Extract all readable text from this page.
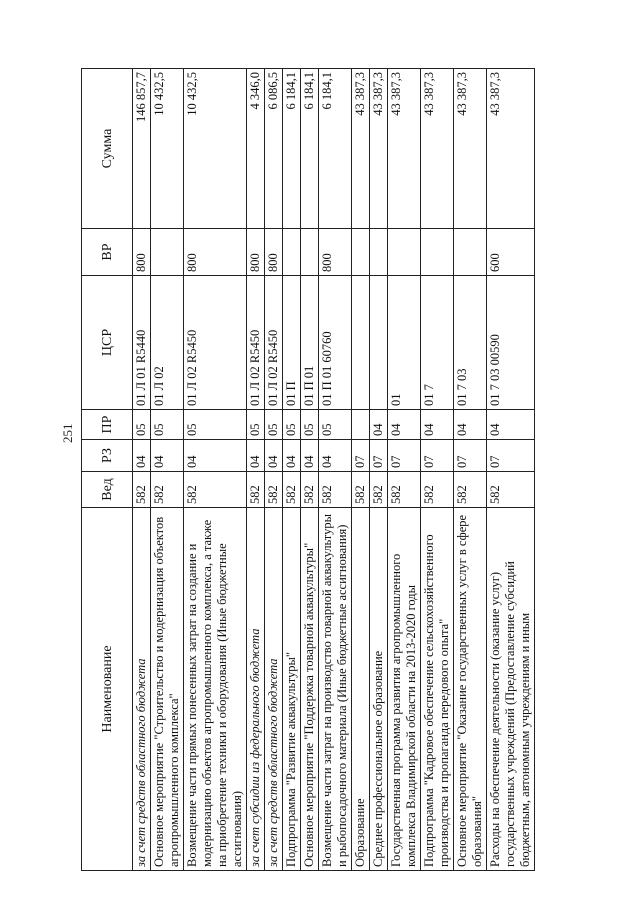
251
Наименование	Вед	РЗ	ПР	ЦСР	ВР	Сумма
за счет средств областного бюджета	582	04	05	01 Л 01 R5440	800	146 857,7
Основное мероприятие "Строительство и модернизация объектов агропромышленного комплекса"	582	04	05	01 Л 02		10 432,5
Возмещение части прямых понесенных затрат на создание и модернизацию объектов агропромышленного комплекса, а также на приобретение техники и оборудования (Иные бюджетные ассигнования)	582	04	05	01 Л 02 R5450	800	10 432,5
за счет субсидии из федерального бюджета	582	04	05	01 Л 02 R5450	800	4 346,0
за счет средств областного бюджета	582	04	05	01 Л 02 R5450	800	6 086,5
Подпрограмма "Развитие аквакультуры"	582	04	05	01 П		6 184,1
Основное мероприятие "Поддержка товарной аквакультуры"	582	04	05	01 П 01		6 184,1
Возмещение части затрат на производство товарной аквакультуры и рыбопосадочного материала (Иные бюджетные ассигнования)	582	04	05	01 П 01 60760	800	6 184,1
Образование	582	07				43 387,3
Среднее профессиональное образование	582	07	04			43 387,3
Государственная программа развития агропромышленного комплекса Владимирской области на 2013-2020 годы	582	07	04	01		43 387,3
Подпрограмма "Кадровое обеспечение сельскохозяйственного производства и пропаганда передового опыта"	582	07	04	01 7		43 387,3
Основное мероприятие "Оказание государственных услуг в сфере образования"	582	07	04	01 7 03		43 387,3
Расходы на обеспечение деятельности (оказание услуг) государственных учреждений (Предоставление субсидий бюджетным, автономным учреждениям и иным	582	07	04	01 7 03 00590	600	43 387,3
